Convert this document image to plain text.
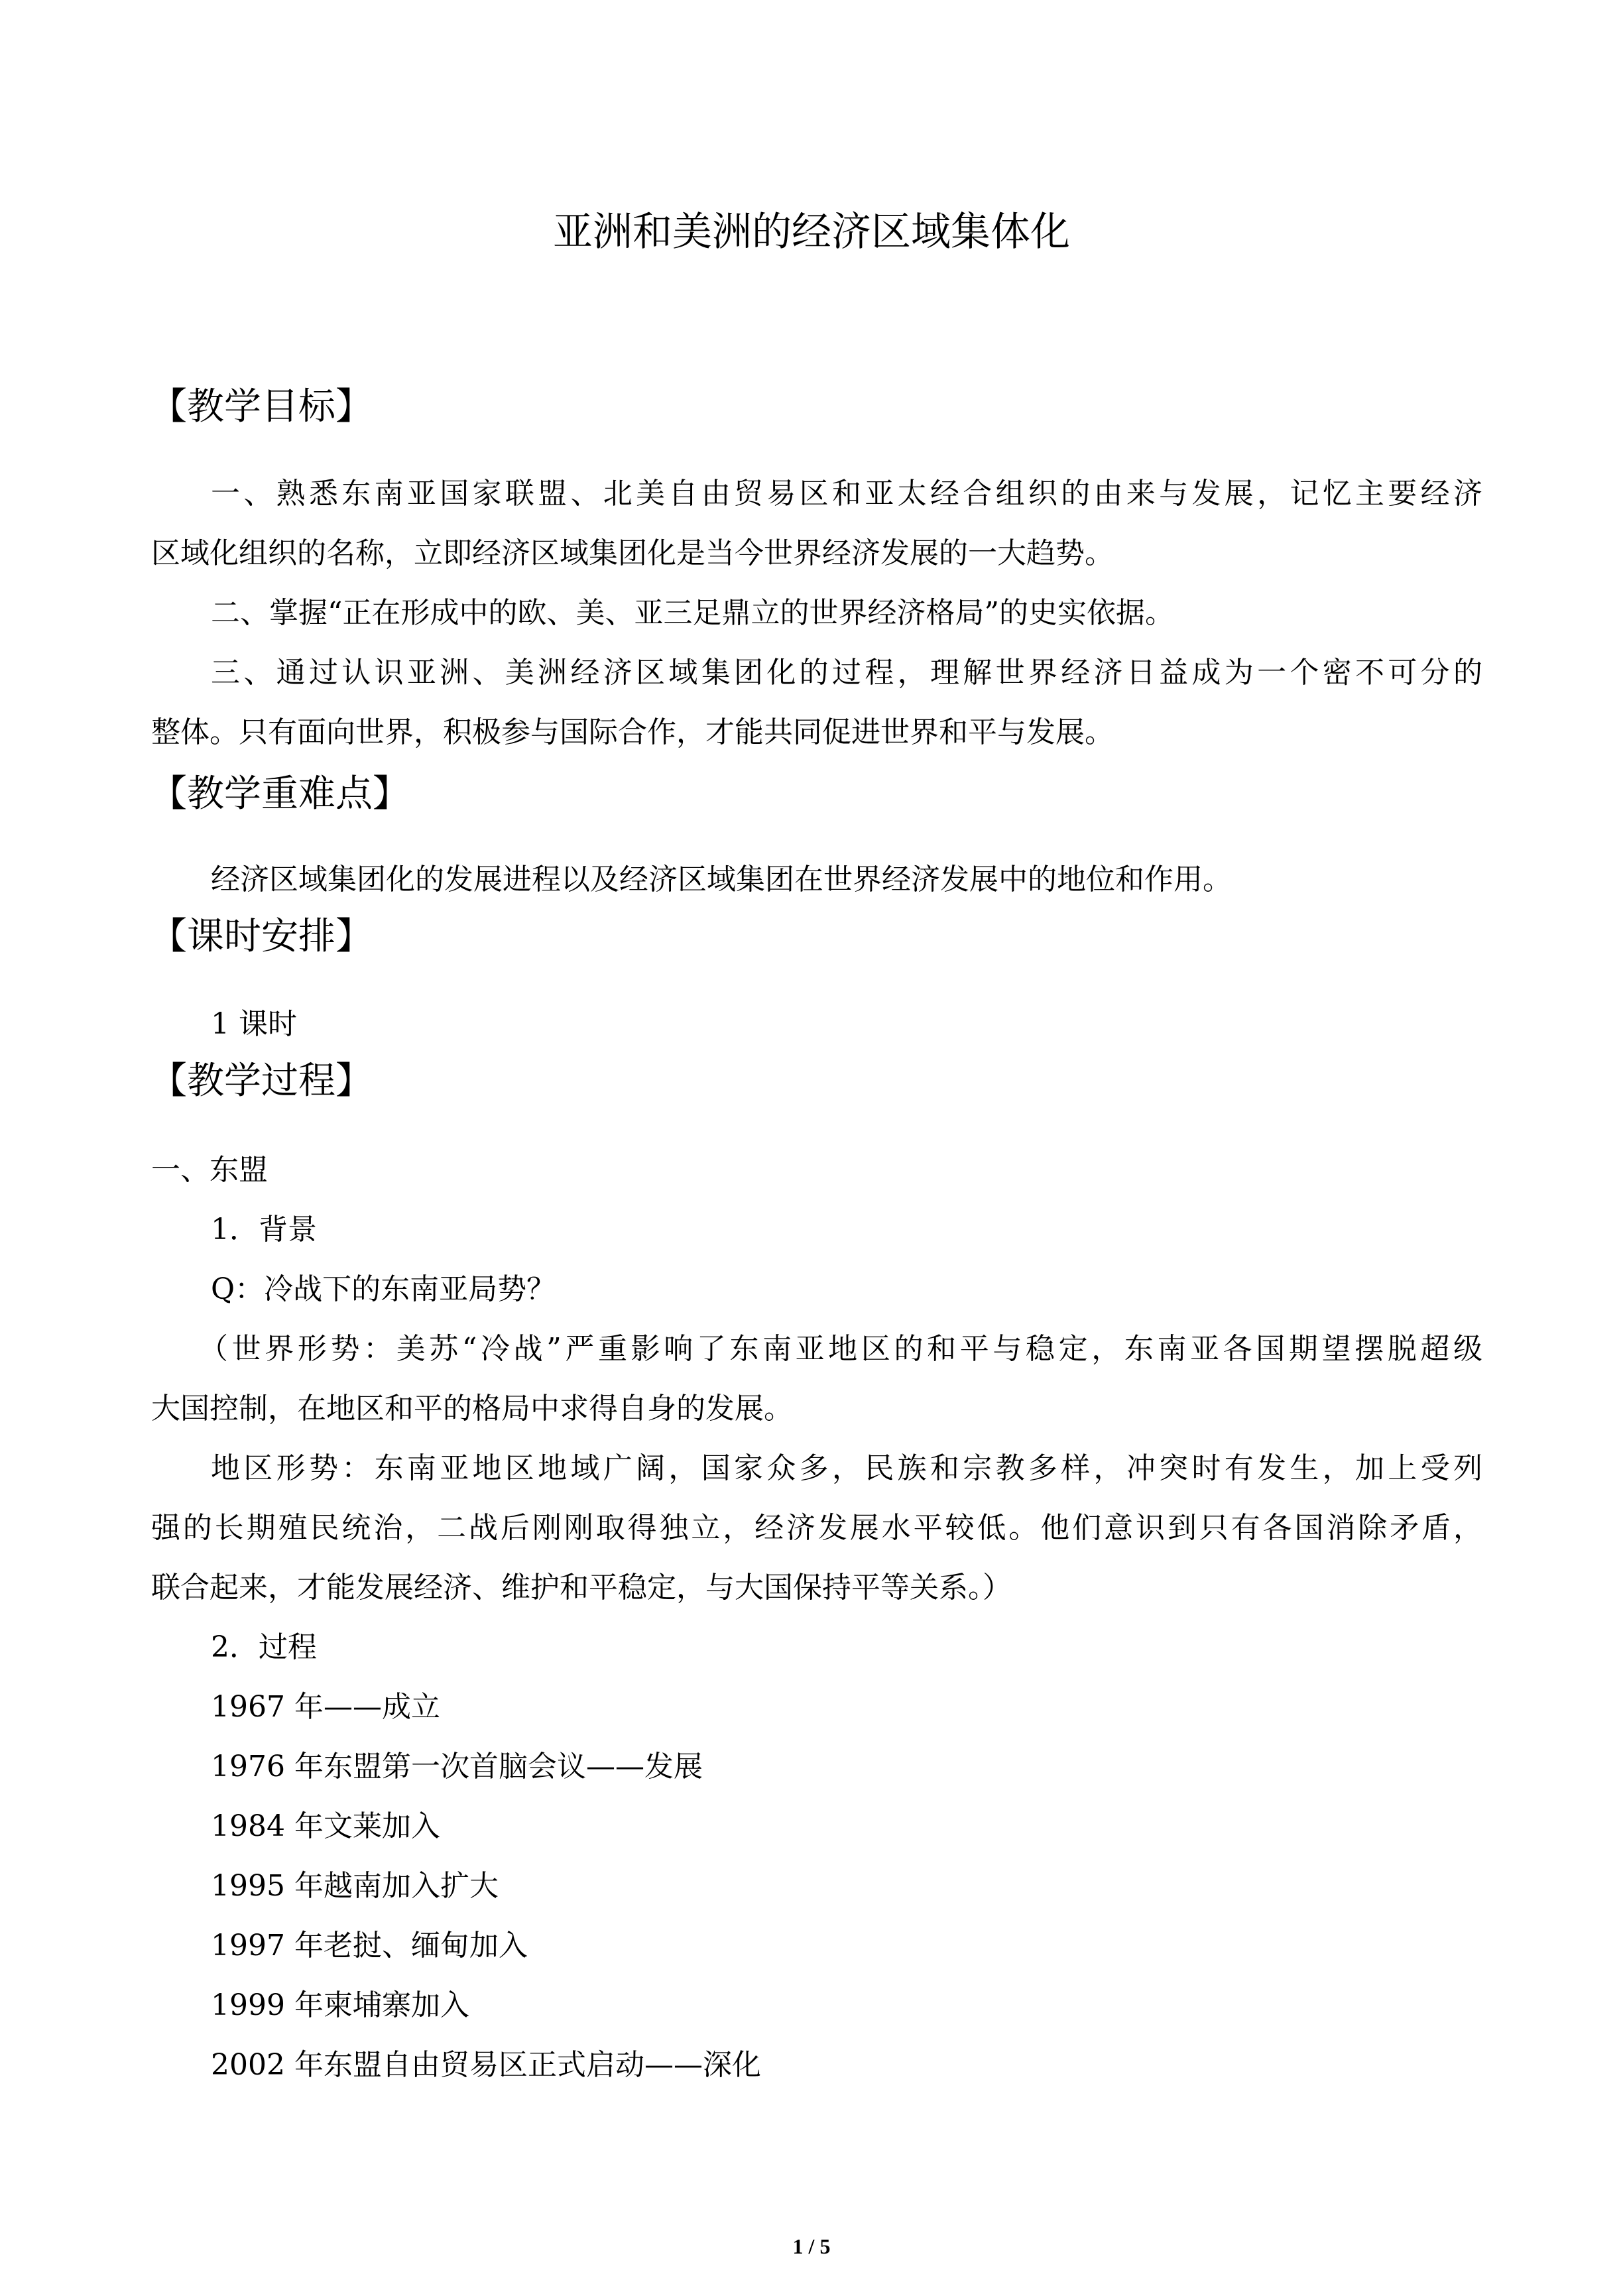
亚洲和美洲的经济区域集体化
【教学目标】
一、熟悉东南亚国家联盟、北美自由贸易区和亚太经合组织的由来与发展，记忆主要经济
区域化组织的名称，立即经济区域集团化是当今世界经济发展的一大趋势。
二、掌握“正在形成中的欧、美、亚三足鼎立的世界经济格局”的史实依据。
三、通过认识亚洲、美洲经济区域集团化的过程，理解世界经济日益成为一个密不可分的
整体。只有面向世界，积极参与国际合作，才能共同促进世界和平与发展。
【教学重难点】
经济区域集团化的发展进程以及经济区域集团在世界经济发展中的地位和作用。
【课时安排】
1 课时
【教学过程】
一、东盟
1．背景
Q：冷战下的东南亚局势？
（世界形势：美苏“冷战”严重影响了东南亚地区的和平与稳定，东南亚各国期望摆脱超级
大国控制，在地区和平的格局中求得自身的发展。
地区形势：东南亚地区地域广阔，国家众多，民族和宗教多样，冲突时有发生，加上受列
强的长期殖民统治，二战后刚刚取得独立，经济发展水平较低。他们意识到只有各国消除矛盾，
联合起来，才能发展经济、维护和平稳定，与大国保持平等关系。）
2．过程
1967 年——成立
1976 年东盟第一次首脑会议——发展
1984 年文莱加入
1995 年越南加入扩大
1997 年老挝、缅甸加入
1999 年柬埔寨加入
2002 年东盟自由贸易区正式启动——深化
1 / 5
